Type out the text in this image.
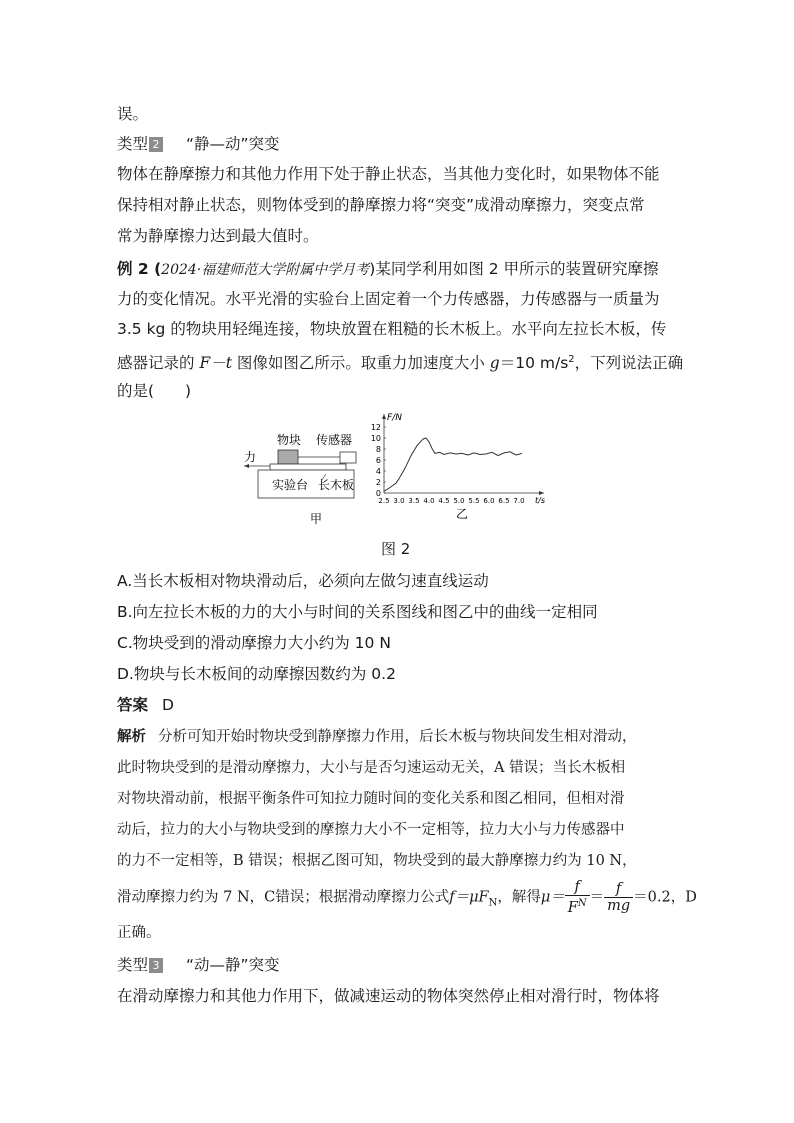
误。
类型 2 “静—动”突变
物体在静摩擦力和其他力作用下处于静止状态，当其他力变化时，如果物体不能
保持相对静止状态，则物体受到的静摩擦力将“突变”成滑动摩擦力，突变点常
常为静摩擦力达到最大值时。
例 2 (2024·福建师范大学附属中学月考)某同学利用如图 2 甲所示的装置研究摩擦
力的变化情况。水平光滑的实验台上固定着一个力传感器，力传感器与一质量为
3.5 kg 的物块用轻绳连接，物块放置在粗糙的长木板上。水平向左拉长木板，传
感器记录的 F－t 图像如图乙所示。取重力加速度大小 g＝10 $m/s^2$，下列说法正确
的是(　　)
物块 传感器
力
实验台 长木板
甲
F/N
t/s
12
10
8
6
4
2
0
2.5 3.0 3.5 4.0 4.5 5.0 5.5 6.0 6.5 7.0
乙
图 2
A.当长木板相对物块滑动后，必须向左做匀速直线运动
B.向左拉长木板的力的大小与时间的关系图线和图乙中的曲线一定相同
C.物块受到的滑动摩擦力大小约为 10 N
D.物块与长木板间的动摩擦因数约为 0.2
答案 D
解析 分析可知开始时物块受到静摩擦力作用，后长木板与物块间发生相对滑动，
此时物块受到的是滑动摩擦力，大小与是否匀速运动无关，A 错误；当长木板相
对物块滑动前，根据平衡条件可知拉力随时间的变化关系和图乙相同，但相对滑
动后，拉力的大小与物块受到的摩擦力大小不一定相等，拉力大小与力传感器中
的力不一定相等，B 错误；根据乙图可知，物块受到的最大静摩擦力约为 10 N，
滑动摩擦力约为 7 N，C错误；根据滑动摩擦力公式$f=\mu F_N$，解得$\mu= \frac{f}{F^N} = \frac{f}{mg} =0.2$，D
正确。
类型 3 “动—静”突变
在滑动摩擦力和其他力作用下，做减速运动的物体突然停止相对滑行时，物体将
